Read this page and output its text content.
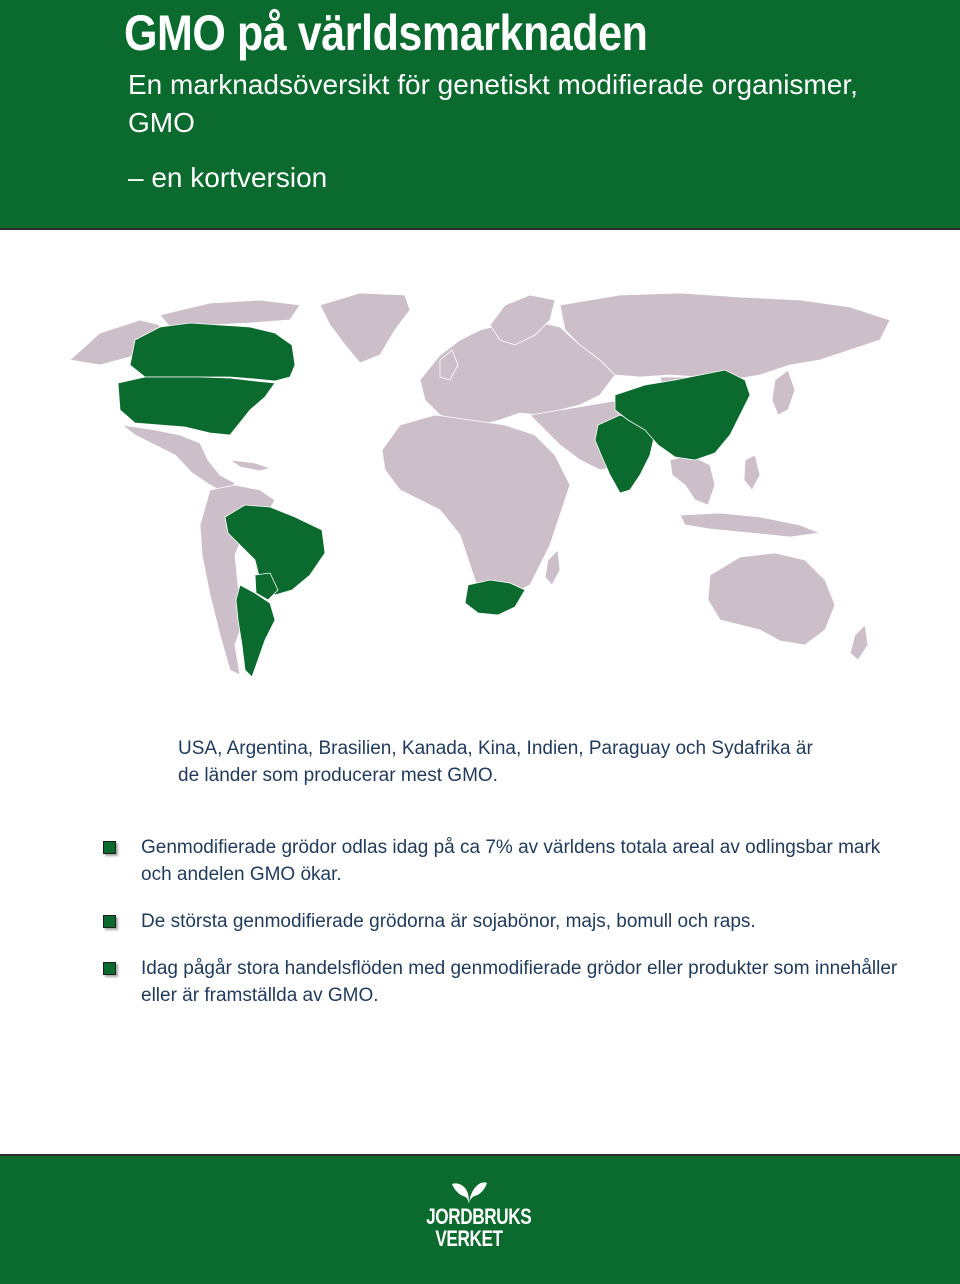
GMO på världsmarknaden
En marknadsöversikt för genetiskt modifierade organismer, GMO
– en kortversion

USA, Argentina, Brasilien, Kanada, Kina, Indien, Paraguay och Sydafrika är de länder som producerar mest GMO.

Genmodifierade grödor odlas idag på ca 7% av världens totala areal av odlingsbar mark och andelen GMO ökar.
De största genmodifierade grödorna är sojabönor, majs, bomull och raps.
Idag pågår stora handelsflöden med genmodifierade grödor eller produkter som innehåller eller är framställda av GMO.
JORDBRUKS
VERKET
